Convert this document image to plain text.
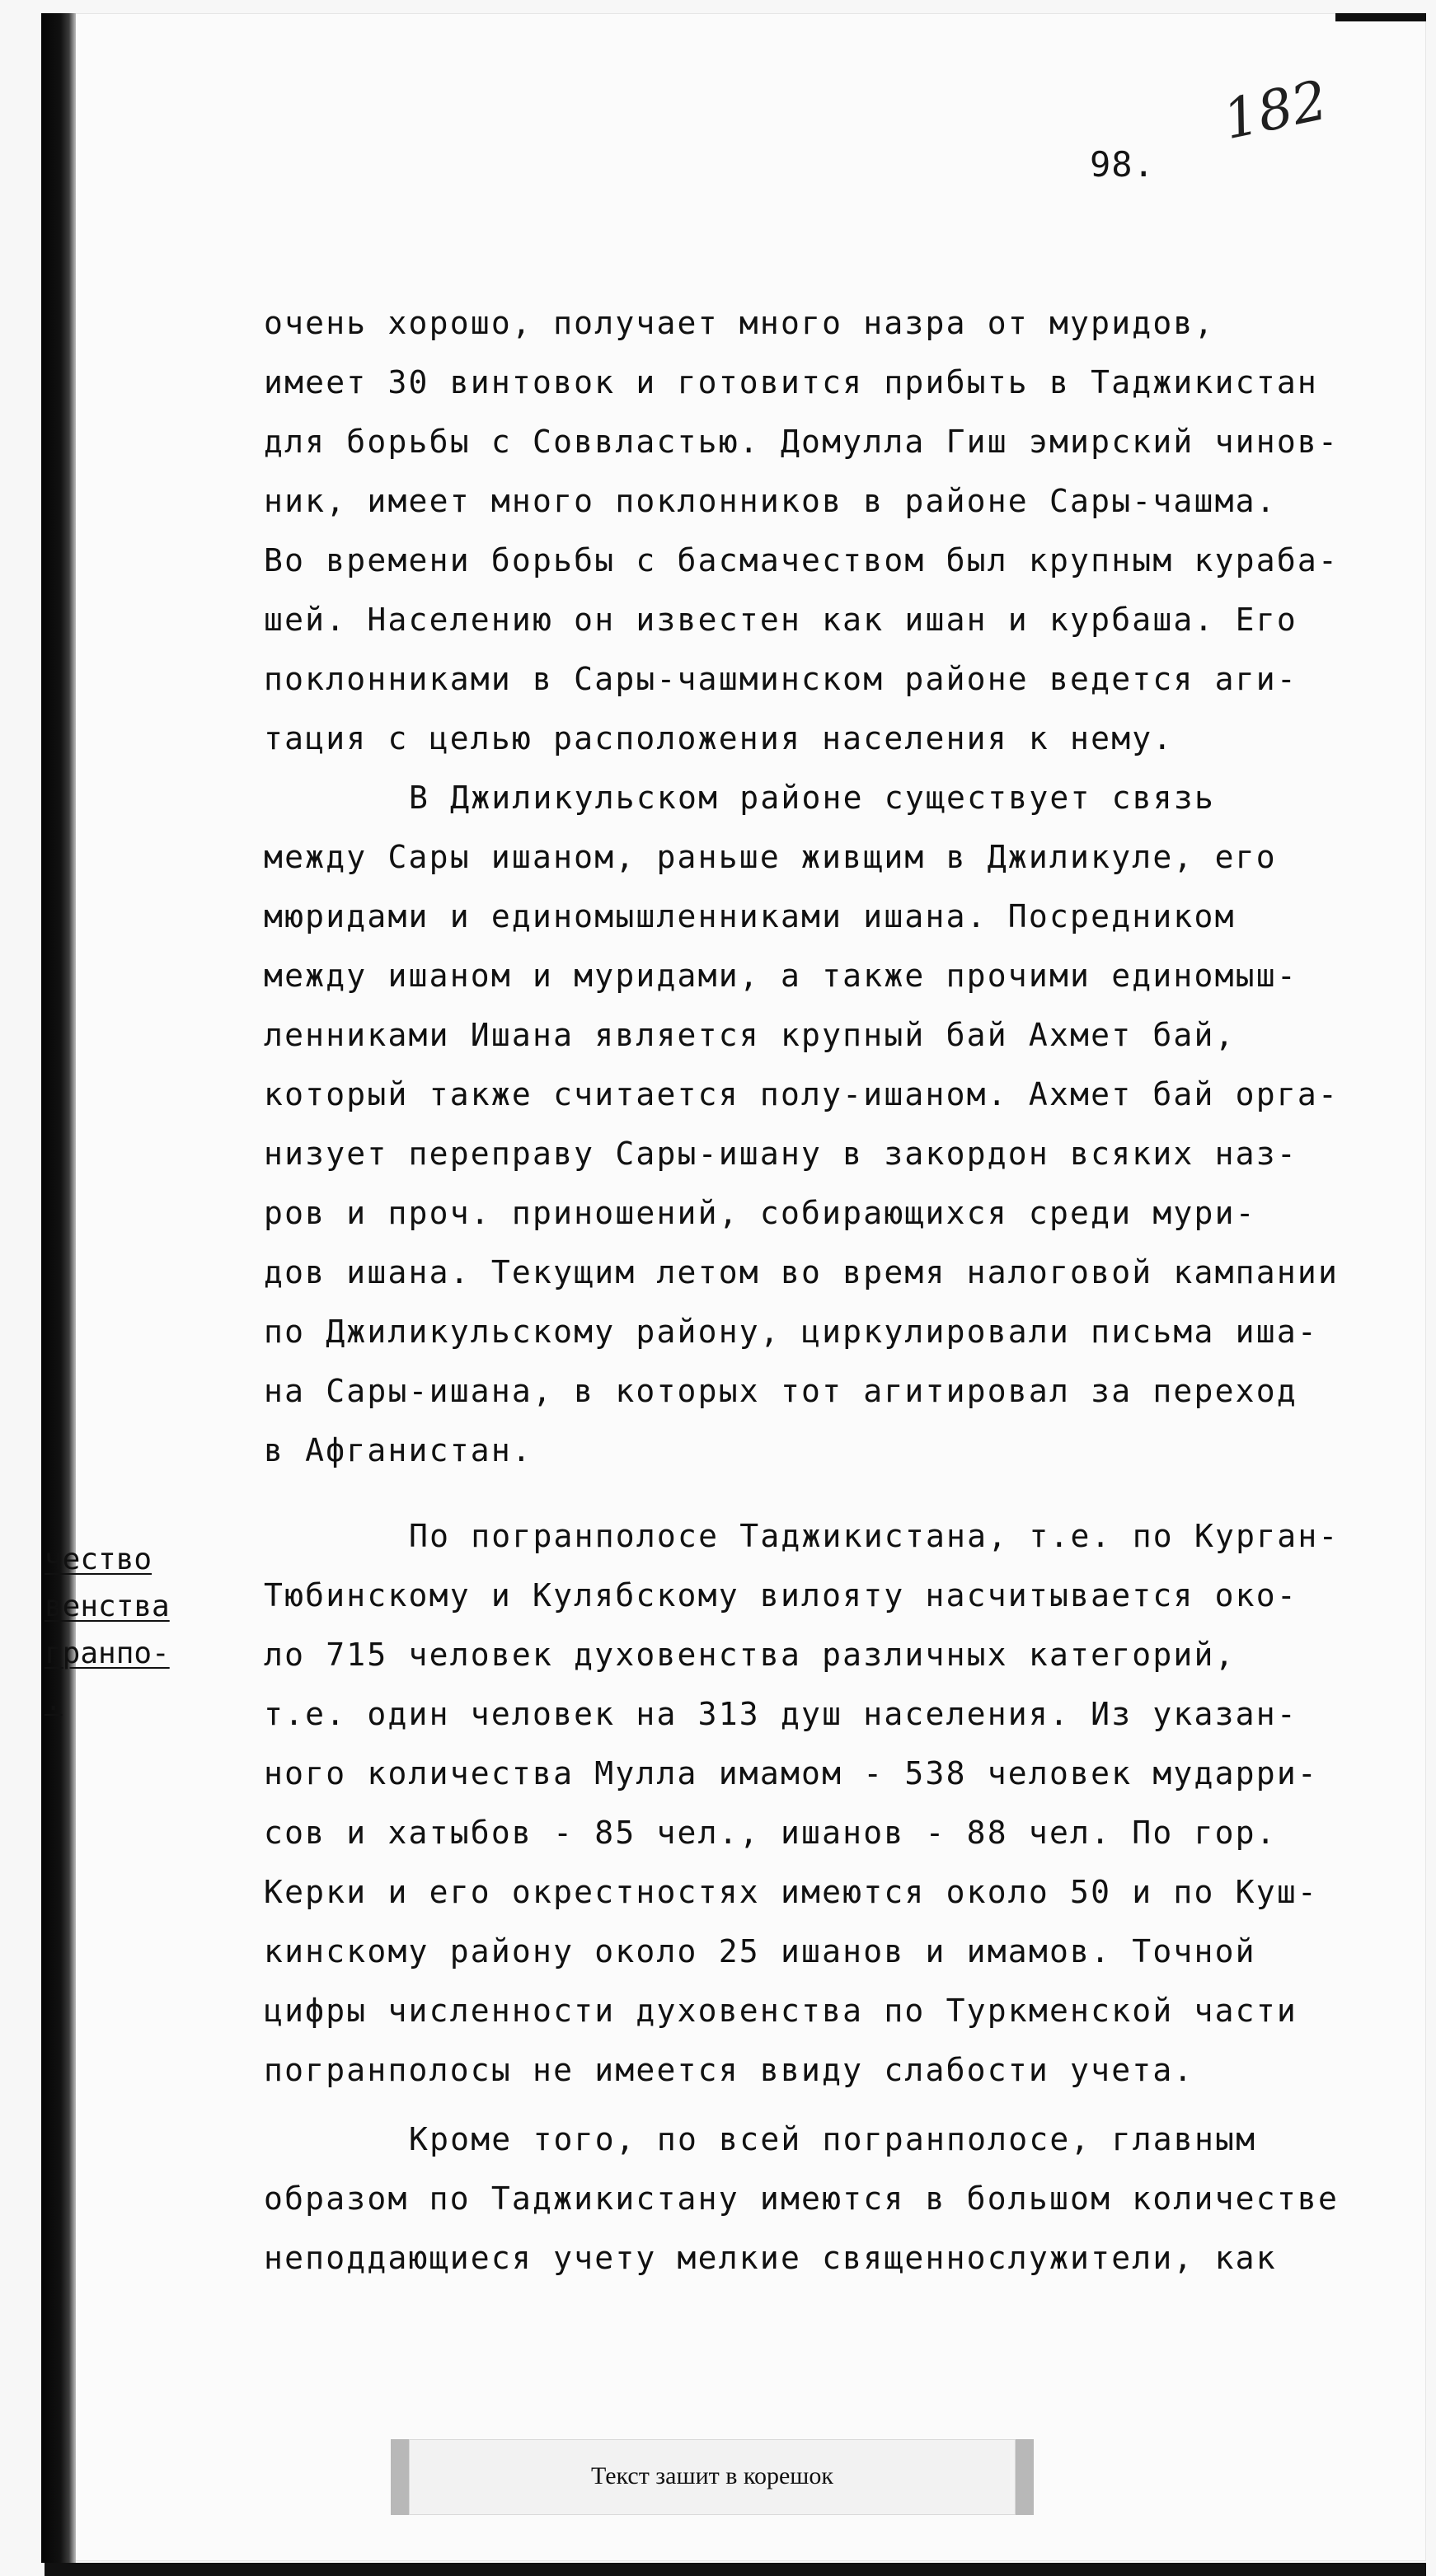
182
98.
чество
венства
гранпо-
.
очень хорошо, получает много назра от муридов,
имеет 30 винтовок и готовится прибыть в Таджикистан
для борьбы с Соввластью. Домулла Гиш эмирский чинов-
ник, имеет много поклонников в районе Сары-чашма.
Во времени борьбы с басмачеством был крупным кураба-
шей. Населению он известен как ишан и курбаша. Его
поклонниками в Сары-чашминском районе ведется аги-
тация с целью расположения населения к нему.
В Джиликульском районе существует связь
между Сары ишаном, раньше живщим в Джиликуле, его
мюридами и единомышленниками ишана. Посредником
между ишаном и муридами, а также прочими единомыш-
ленниками Ишана является крупный бай Ахмет бай,
который также считается полу-ишаном. Ахмет бай орга-
низует переправу Сары-ишану в закордон всяких наз-
ров и проч. приношений, собирающихся среди мури-
дов ишана. Текущим летом во время налоговой кампании
по Джиликульскому району, циркулировали письма иша-
на Сары-ишана, в которых тот агитировал за переход
в Афганистан.
По погранполосе Таджикистана, т.е. по Курган-
Тюбинскому и Кулябскому вилояту насчитывается око-
ло 715 человек духовенства различных категорий,
т.е. один человек на 313 душ населения. Из указан-
ного количества Мулла имамом - 538 человек мударри-
сов и хатыбов - 85 чел., ишанов - 88 чел. По гор.
Керки и его окрестностях имеются около 50 и по Куш-
кинскому району около 25 ишанов и имамов. Точной
цифры численности духовенства по Туркменской части
погранполосы не имеется ввиду слабости учета.
Кроме того, по всей погранполосе, главным
образом по Таджикистану имеются в большом количестве
неподдающиеся учету мелкие священнослужители, как
Текст зашит в корешок
